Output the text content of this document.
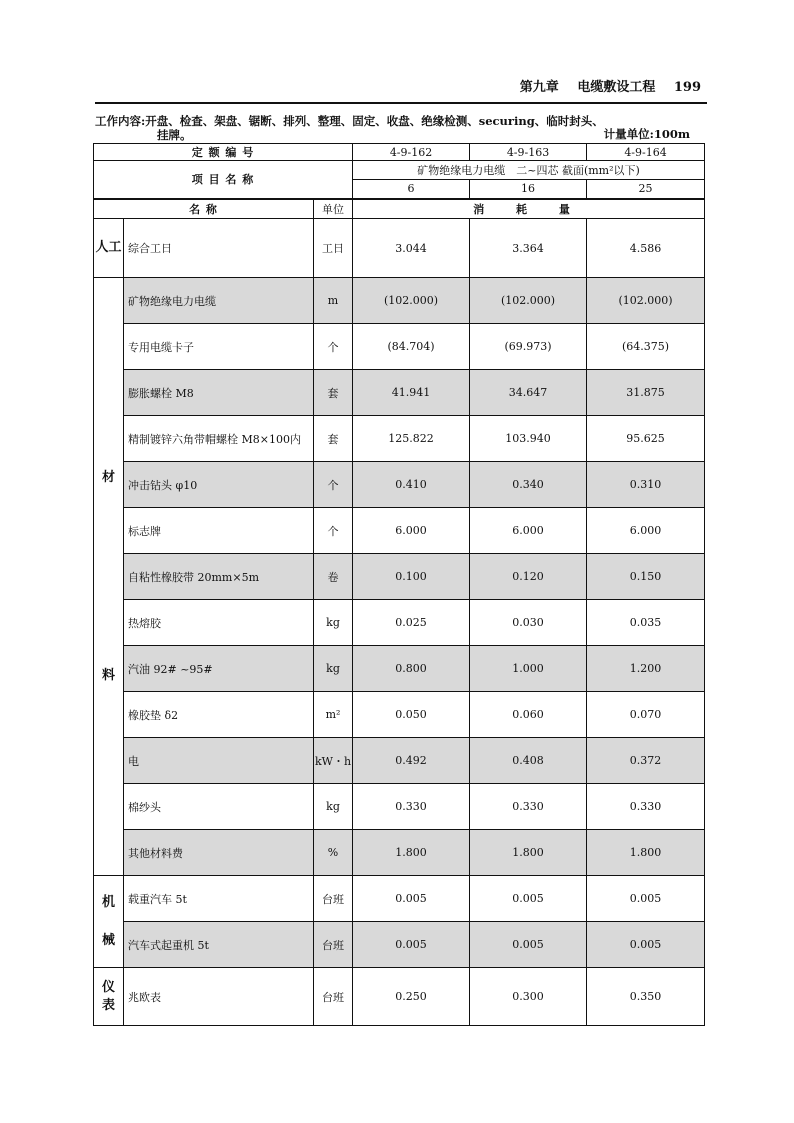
第九章 电缆敷设工程 199
工作内容:开盘、检查、架盘、锯断、排列、整理、固定、收盘、绝缘检测、securing、临时封头、
挂牌。	计量单位:100m
定 额 编 号			4-9-162	4-9-163	4-9-164
项 目 名 称			矿物绝缘电力电缆　二~四芯 截面(mm²以下)		
			6	16	25
名 称		单位	消 耗 量		
人工	综合工日	工日	3.044	3.364	4.586

材
料	矿物绝缘电力电缆	m	(102.000)	(102.000)	(102.000)
	专用电缆卡子	个	(84.704)	(69.973)	(64.375)
	膨胀螺栓 M8	套	41.941	34.647	31.875
	精制镀锌六角带帽螺栓 M8×100内	套	125.822	103.940	95.625
	冲击钻头 φ10	个	0.410	0.340	0.310
	标志牌	个	6.000	6.000	6.000
	自粘性橡胶带 20mm×5m	卷	0.100	0.120	0.150
	热熔胶	kg	0.025	0.030	0.035
	汽油 92# ~95#	kg	0.800	1.000	1.200
	橡胶垫 δ2	m²	0.050	0.060	0.070
	电	kW・h	0.492	0.408	0.372
	棉纱头	kg	0.330	0.330	0.330
	其他材料费	%	1.800	1.800	1.800

机
械	载重汽车 5t	台班	0.005	0.005	0.005
	汽车式起重机 5t	台班	0.005	0.005	0.005
仪表	兆欧表	台班	0.250	0.300	0.350
